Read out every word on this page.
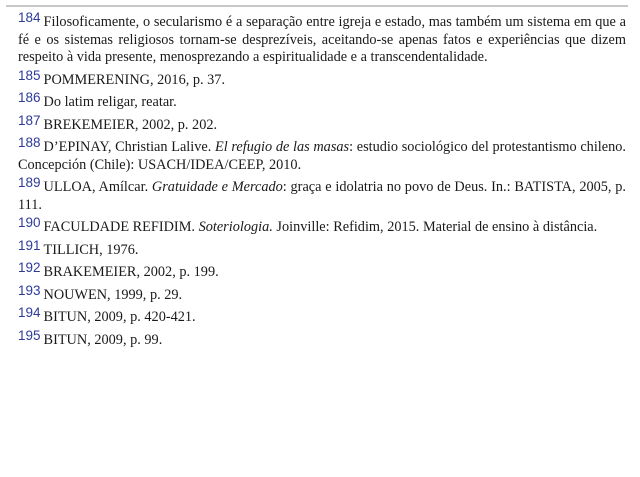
184 Filosoficamente, o secularismo é a separação entre igreja e estado, mas também um sistema em que a fé e os sistemas religiosos tornam-se desprezíveis, aceitando-se apenas fatos e experiências que dizem respeito à vida presente, menosprezando a espiritualidade e a transcendentalidade.
185 POMMERENING, 2016, p. 37.
186 Do latim religar, reatar.
187 BREKEMEIER, 2002, p. 202.
188 D’EPINAY, Christian Lalive. El refugio de las masas: estudio sociológico del protestantismo chileno. Concepción (Chile): USACH/IDEA/CEEP, 2010.
189 ULLOA, Amílcar. Gratuidade e Mercado: graça e idolatria no povo de Deus. In.: BATISTA, 2005, p. 111.
190 FACULDADE REFIDIM. Soteriologia. Joinville: Refidim, 2015. Material de ensino à distância.
191 TILLICH, 1976.
192 BRAKEMEIER, 2002, p. 199.
193 NOUWEN, 1999, p. 29.
194 BITUN, 2009, p. 420-421.
195 BITUN, 2009, p. 99.
